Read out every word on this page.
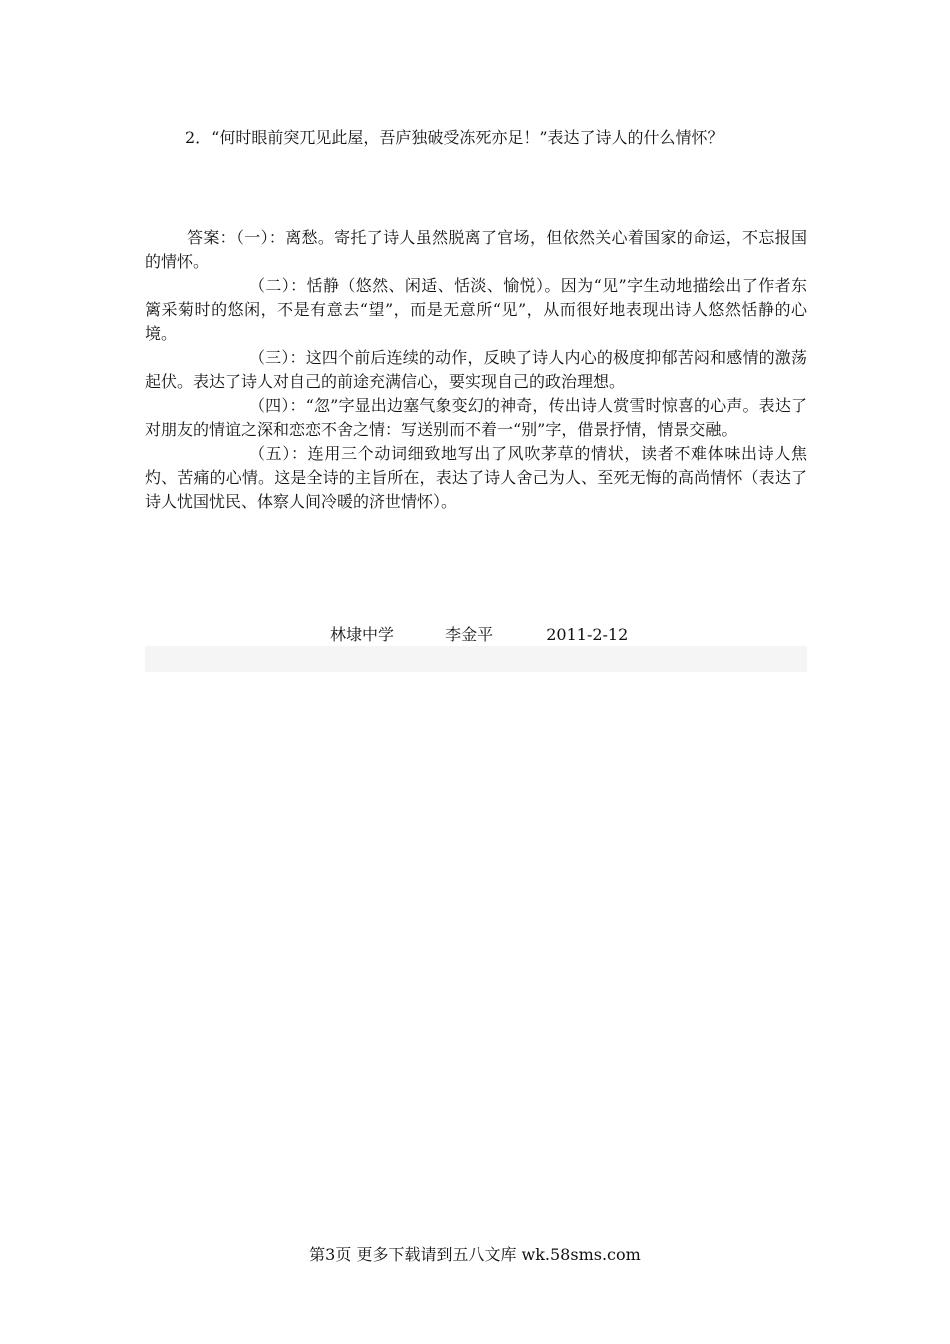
2．“何时眼前突兀见此屋，吾庐独破受冻死亦足！”表达了诗人的什么情怀？

答案：（一）：离愁。寄托了诗人虽然脱离了官场，但依然关心着国家的命运，不忘报国的情怀。

（二）：恬静（悠然、闲适、恬淡、愉悦）。因为“见”字生动地描绘出了作者东篱采菊时的悠闲，不是有意去“望”，而是无意所“见”，从而很好地表现出诗人悠然恬静的心境。

（三）：这四个前后连续的动作，反映了诗人内心的极度抑郁苦闷和感情的激荡起伏。表达了诗人对自己的前途充满信心，要实现自己的政治理想。

（四）：“忽”字显出边塞气象变幻的神奇，传出诗人赏雪时惊喜的心声。表达了对朋友的情谊之深和恋恋不舍之情：写送别而不着一“别”字，借景抒情，情景交融。

（五）：连用三个动词细致地写出了风吹茅草的情状，读者不难体味出诗人焦灼、苦痛的心情。这是全诗的主旨所在，表达了诗人舍己为人、至死无悔的高尚情怀（表达了诗人忧国忧民、体察人间冷暖的济世情怀）。

林埭中学	李金平	2011-2-12
第3页 更多下载请到五八文库 wk.58sms.com
